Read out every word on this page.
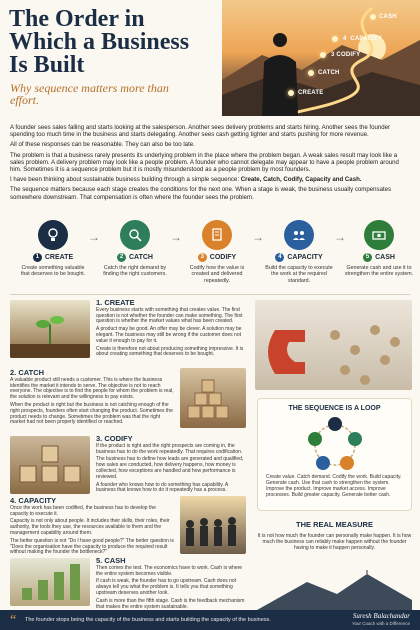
The Order in Which a Business Is Built
Why sequence matters more than effort.
CASH
4 CAPACITY
3 CODIFY
CATCH
CREATE

A founder sees sales falling and starts looking at the salesperson. Another sees delivery problems and starts hiring. Another sees the founder spending too much time in the business and starts delegating. Another sees cash getting tighter and starts pushing for more revenue.

All of these responses can be reasonable. They can also be too late.

The problem is that a business rarely presents its underlying problem in the place where the problem began. A weak sales result may look like a sales problem. A delivery problem may look like a people problem. A founder who cannot delegate may appear to have a people problem around him. Sometimes it is a sequence problem but it is mostly misunderstood as a people problem by most founders.

I have been thinking about sustainable business building through a simple sequence: Create, Catch, Codify, Capacity and Cash.

The sequence matters because each stage creates the conditions for the next one. When a stage is weak, the business usually compensates somewhere downstream. That compensation is often where the founder sees the problem.

1 CREATE
Create something valuable that deserves to be bought.
→
2 CATCH
Catch the right demand by finding the right customers.
→
3 CODIFY
Codify how the value is created and delivered repeatedly.
→
4 CAPACITY
Build the capacity to execute the work at the required standard.
→
5 CASH
Generate cash and use it to strengthen the entire system.
1. CREATE

Every business starts with something that creates value. The first question is not whether the founder can make something. The first question is whether the market values what has been created.

A product may be good. An offer may be clever. A solution may be elegant. The business may still be wrong if the customer does not value it enough to pay for it.

Create is therefore not about producing something impressive. It is about creating something that deserves to be bought.

2. CATCH

A valuable product still needs a customer. This is where the business identifies the market it intends to serve. The objective is not to reach everyone. The objective is to find the people for whom the problem is real, the solution is relevant and the willingness to pay exists.

When the product is right but the business is not catching enough of the right prospects, founders often start changing the product. Sometimes the product needs to change. Sometimes the problem was that the right market had not been properly identified or reached.

3. CODIFY

If the product is right and the right prospects are coming in, the business has to do the work repeatedly. That requires codification.

The business has to define how leads are generated and qualified, how sales are conducted, how delivery happens, how money is collected, how exceptions are handled and how performance is reviewed.

A founder who knows how to do something has capability. A business that knows how to do it repeatedly has a process.

4. CAPACITY

Once the work has been codified, the business has to develop the capacity to execute it.

Capacity is not only about people. It includes their skills, their roles, their authority, the tools they use, the resources available to them and the management capability around them.

The better question is not "Do I have good people?" The better question is "Does the organisation have the capacity to produce the required result without making the founder the bottleneck?"

5. CASH

Then comes the test. The economics have to work. Cash is where the entire system becomes visible.

If cash is weak, the founder has to go upstream. Cash does not always tell you what the problem is. It tells you that something upstream deserves another look.

Cash is more than the fifth stage. Cash is the feedback mechanism that makes the entire system sustainable.

THE SEQUENCE IS A LOOP
Create value. Catch demand. Codify the work. Build capacity. Generate cash. Use that cash to strengthen the system. Improve the product. Improve market access. Improve processes. Build greater capacity. Generate better cash.
THE REAL MEASURE
It is not how much the founder can personally make happen. It is how much the business can reliably make happen without the founder having to make it happen personally.
“ The founder stops being the capacity of the business and starts building the capacity of the business.	Suresh Balachandar
Your Coach with a Difference
